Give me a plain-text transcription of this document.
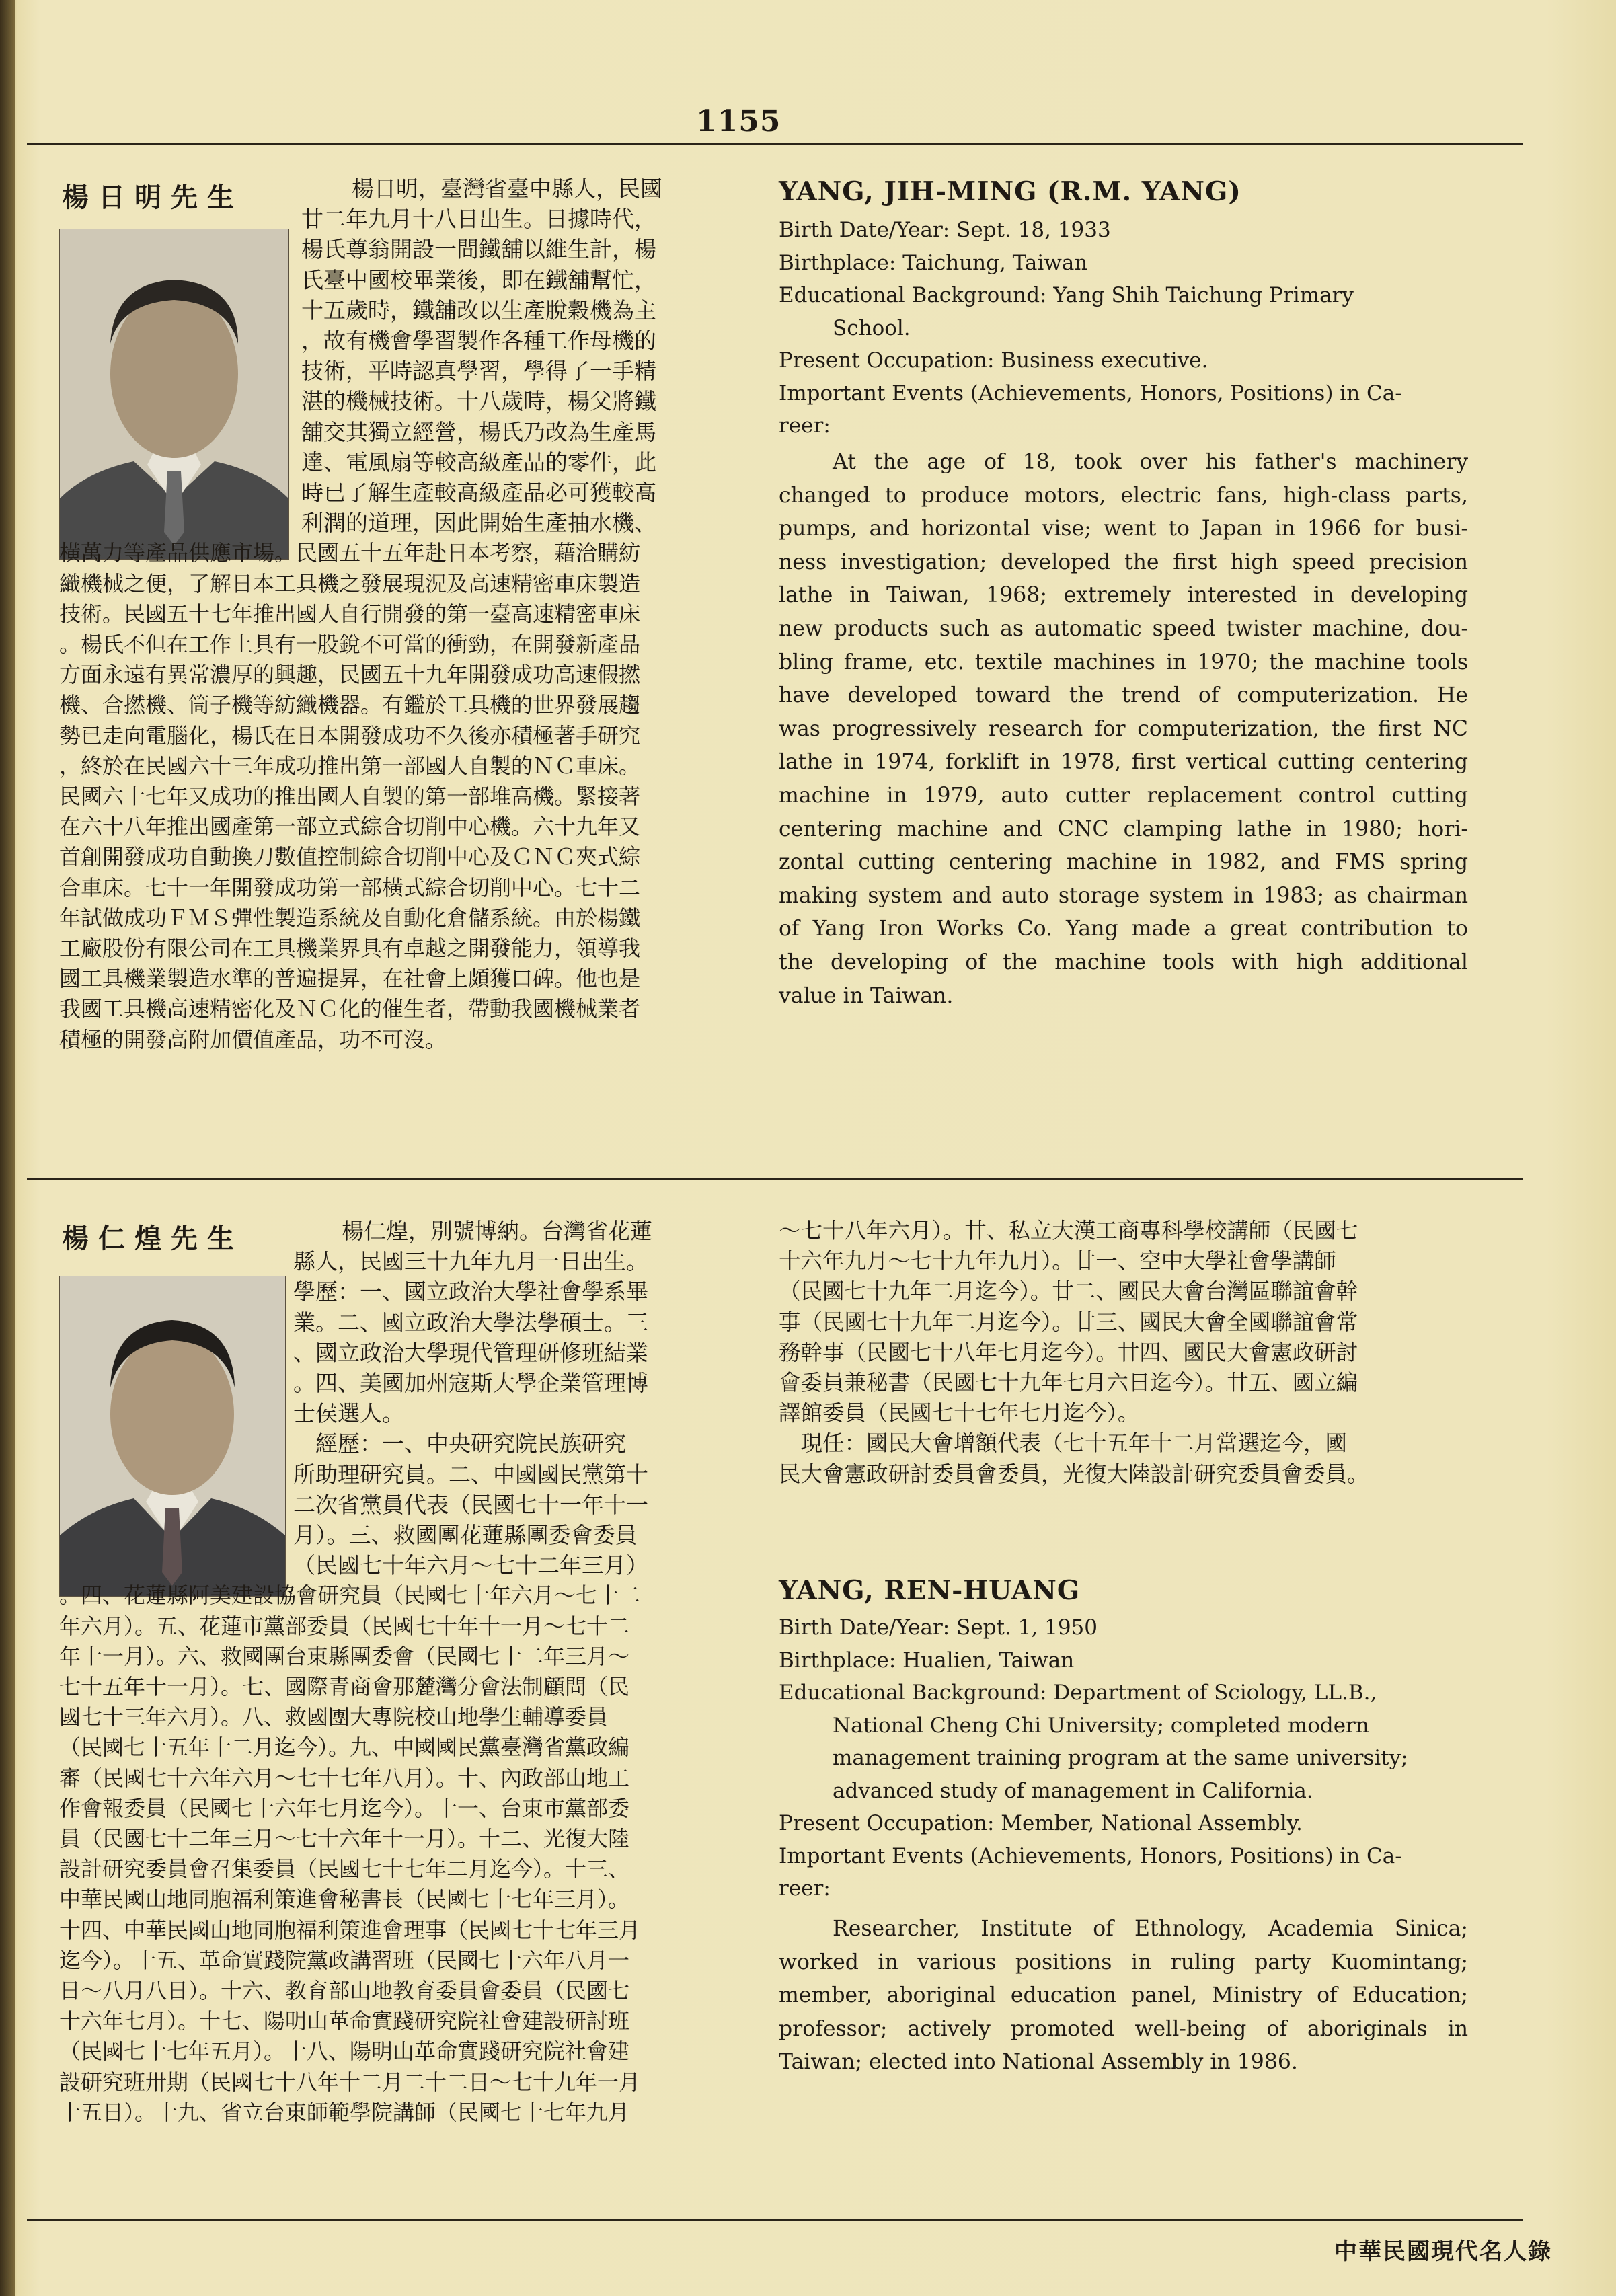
1155
楊日明先生	楊日明，臺灣省臺中縣人，民國
廿二年九月十八日出生。日據時代，
楊氏尊翁開設一間鐵舖以維生計，楊
氏臺中國校畢業後，即在鐵舖幫忙，
十五歲時，鐵舖改以生產脫穀機為主
，故有機會學習製作各種工作母機的
技術，平時認真學習，學得了一手精
湛的機械技術。十八歲時，楊父將鐵
舖交其獨立經營，楊氏乃改為生產馬
達、電風扇等較高級產品的零件，此
時已了解生產較高級產品必可獲較高
利潤的道理，因此開始生產抽水機、
橫萬力等產品供應市場。民國五十五年赴日本考察，藉洽購紡
織機械之便，了解日本工具機之發展現況及高速精密車床製造
技術。民國五十七年推出國人自行開發的第一臺高速精密車床
。楊氏不但在工作上具有一股銳不可當的衝勁，在開發新產品
方面永遠有異常濃厚的興趣，民國五十九年開發成功高速假撚
機、合撚機、筒子機等紡織機器。有鑑於工具機的世界發展趨
勢已走向電腦化，楊氏在日本開發成功不久後亦積極著手研究
，終於在民國六十三年成功推出第一部國人自製的ＮＣ車床。
民國六十七年又成功的推出國人自製的第一部堆高機。緊接著
在六十八年推出國產第一部立式綜合切削中心機。六十九年又
首創開發成功自動換刀數值控制綜合切削中心及ＣＮＣ夾式綜
合車床。七十一年開發成功第一部橫式綜合切削中心。七十二
年試做成功ＦＭＳ彈性製造系統及自動化倉儲系統。由於楊鐵
工廠股份有限公司在工具機業界具有卓越之開發能力，領導我
國工具機業製造水準的普遍提昇，在社會上頗獲口碑。他也是
我國工具機高速精密化及ＮＣ化的催生者，帶動我國機械業者
積極的開發高附加價值產品，功不可沒。
YANG, JIH-MING (R.M. YANG)
Birth Date/Year: Sept. 18, 1933
Birthplace: Taichung, Taiwan
Educational Background: Yang Shih Taichung Primary
School.
Present Occupation: Business executive.
Important Events (Achievements, Honors, Positions) in Ca-
reer:
At the age of 18, took over his father's machinery
changed to produce motors, electric fans, high-class parts,
pumps, and horizontal vise; went to Japan in 1966 for busi-
ness investigation; developed the first high speed precision
lathe in Taiwan, 1968; extremely interested in developing
new products such as automatic speed twister machine, dou-
bling frame, etc. textile machines in 1970; the machine tools
have developed toward the trend of computerization. He
was progressively research for computerization, the first NC
lathe in 1974, forklift in 1978, first vertical cutting centering
machine in 1979, auto cutter replacement control cutting
centering machine and CNC clamping lathe in 1980; hori-
zontal cutting centering machine in 1982, and FMS spring
making system and auto storage system in 1983; as chairman
of Yang Iron Works Co. Yang made a great contribution to
the developing of the machine tools with high additional
value in Taiwan.
楊仁煌先生	楊仁煌，別號博納。台灣省花蓮
縣人，民國三十九年九月一日出生。
學歷：一、國立政治大學社會學系畢
業。二、國立政治大學法學碩士。三
、國立政治大學現代管理研修班結業
。四、美國加州寇斯大學企業管理博
士侯選人。
　經歷：一、中央研究院民族研究
所助理研究員。二、中國國民黨第十
二次省黨員代表（民國七十一年十一
月）。三、救國團花蓮縣團委會委員
（民國七十年六月～七十二年三月）
。四、花蓮縣阿美建設協會研究員（民國七十年六月～七十二
年六月）。五、花蓮市黨部委員（民國七十年十一月～七十二
年十一月）。六、救國團台東縣團委會（民國七十二年三月～
七十五年十一月）。七、國際青商會那麓灣分會法制顧問（民
國七十三年六月）。八、救國團大專院校山地學生輔導委員
（民國七十五年十二月迄今）。九、中國國民黨臺灣省黨政編
審（民國七十六年六月～七十七年八月）。十、內政部山地工
作會報委員（民國七十六年七月迄今）。十一、台東市黨部委
員（民國七十二年三月～七十六年十一月）。十二、光復大陸
設計研究委員會召集委員（民國七十七年二月迄今）。十三、
中華民國山地同胞福利策進會秘書長（民國七十七年三月）。
十四、中華民國山地同胞福利策進會理事（民國七十七年三月
迄今）。十五、革命實踐院黨政講習班（民國七十六年八月一
日～八月八日）。十六、教育部山地教育委員會委員（民國七
十六年七月）。十七、陽明山革命實踐研究院社會建設研討班
（民國七十七年五月）。十八、陽明山革命實踐研究院社會建
設研究班卅期（民國七十八年十二月二十二日～七十九年一月
十五日）。十九、省立台東師範學院講師（民國七十七年九月
～七十八年六月）。廿、私立大漢工商專科學校講師（民國七
十六年九月～七十九年九月）。廿一、空中大學社會學講師
（民國七十九年二月迄今）。廿二、國民大會台灣區聯誼會幹
事（民國七十九年二月迄今）。廿三、國民大會全國聯誼會常
務幹事（民國七十八年七月迄今）。廿四、國民大會憲政研討
會委員兼秘書（民國七十九年七月六日迄今）。廿五、國立編
譯館委員（民國七十七年七月迄今）。
　現任：國民大會增額代表（七十五年十二月當選迄今，國
民大會憲政研討委員會委員，光復大陸設計研究委員會委員。
YANG, REN-HUANG
Birth Date/Year: Sept. 1, 1950
Birthplace: Hualien, Taiwan
Educational Background: Department of Sciology, LL.B.,
National Cheng Chi University; completed modern
management training program at the same university;
advanced study of management in California.
Present Occupation: Member, National Assembly.
Important Events (Achievements, Honors, Positions) in Ca-
reer:
Researcher, Institute of Ethnology, Academia Sinica;
worked in various positions in ruling party Kuomintang;
member, aboriginal education panel, Ministry of Education;
professor; actively promoted well-being of aboriginals in
Taiwan; elected into National Assembly in 1986.
中華民國現代名人錄
